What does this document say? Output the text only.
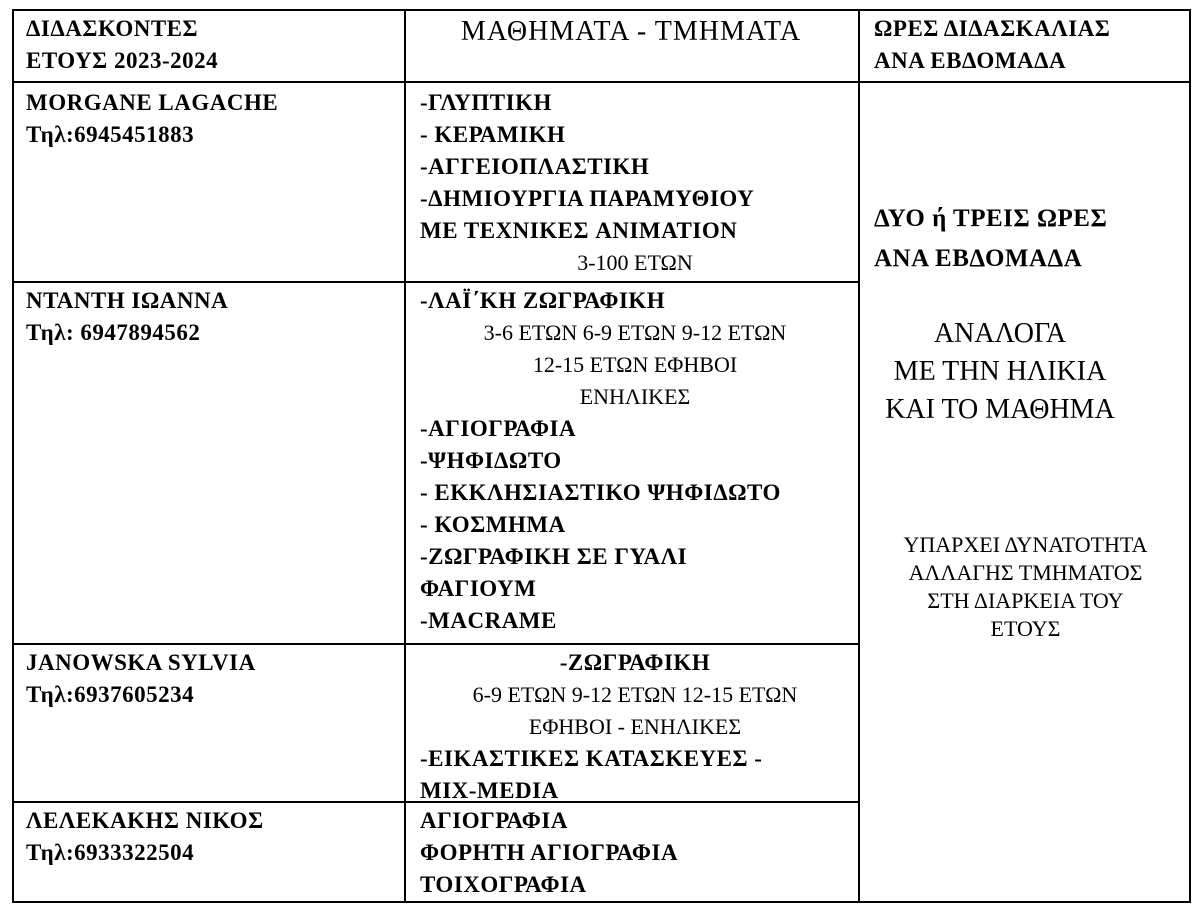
ΔΙΔΑΣΚΟΝΤΕΣ
ΕΤΟΥΣ 2023-2024
ΜΑΘΗΜΑΤΑ - ΤΜΗΜΑΤΑ	ΩΡΕΣ ΔΙΔΑΣΚΑΛΙΑΣ
ΑΝΑ ΕΒΔΟΜΑΔΑ
MORGANE LAGACHE
Τηλ:6945451883
-ΓΛΥΠΤΙΚΗ
- ΚΕΡΑΜΙΚΗ
-ΑΓΓΕΙΟΠΛΑΣΤΙΚΗ
-ΔΗΜΙΟΥΡΓΙΑ ΠΑΡΑΜΥΘΙΟΥ
ΜΕ ΤΕΧΝΙΚΕΣ ANIMATION
3-100 ΕΤΩΝ
ΝΤΑΝΤΗ ΙΩΑΝΝΑ
Τηλ: 6947894562
-ΛΑΪ΄ΚΗ ΖΩΓΡΑΦΙΚΗ
3-6 ΕΤΩΝ 6-9 ΕΤΩΝ 9-12 ΕΤΩΝ
12-15 ΕΤΩΝ ΕΦΗΒΟΙ
ΕΝΗΛΙΚΕΣ
-ΑΓΙΟΓΡΑΦΙΑ
-ΨΗΦΙΔΩΤΟ
- ΕΚΚΛΗΣΙΑΣΤΙΚΟ ΨΗΦΙΔΩΤΟ
- ΚΟΣΜΗΜΑ
-ΖΩΓΡΑΦΙΚΗ ΣΕ ΓΥΑΛΙ
ΦΑΓΙΟΥΜ
-MACRAME
JANOWSKA SYLVIA
Τηλ:6937605234
-ΖΩΓΡΑΦΙΚΗ
6-9 ΕΤΩΝ 9-12 ΕΤΩΝ 12-15 ΕΤΩΝ
ΕΦΗΒΟΙ - ΕΝΗΛΙΚΕΣ
-ΕΙΚΑΣΤΙΚΕΣ ΚΑΤΑΣΚΕΥΕΣ -
MIX-MEDIA
ΛΕΛΕΚΑΚΗΣ ΝΙΚΟΣ
Τηλ:6933322504
ΑΓΙΟΓΡΑΦΙΑ
ΦΟΡΗΤΗ ΑΓΙΟΓΡΑΦΙΑ
ΤΟΙΧΟΓΡΑΦΙΑ
ΔΥΟ ή ΤΡΕΙΣ ΩΡΕΣ
ΑΝΑ ΕΒΔΟΜΑΔΑ
ΑΝΑΛΟΓΑ
ΜΕ ΤΗΝ ΗΛΙΚΙΑ
ΚΑΙ ΤΟ ΜΑΘΗΜΑ
ΥΠΑΡΧΕΙ ΔΥΝΑΤΟΤΗΤΑ
ΑΛΛΑΓΗΣ ΤΜΗΜΑΤΟΣ
ΣΤΗ ΔΙΑΡΚΕΙΑ ΤΟΥ
ΕΤΟΥΣ
